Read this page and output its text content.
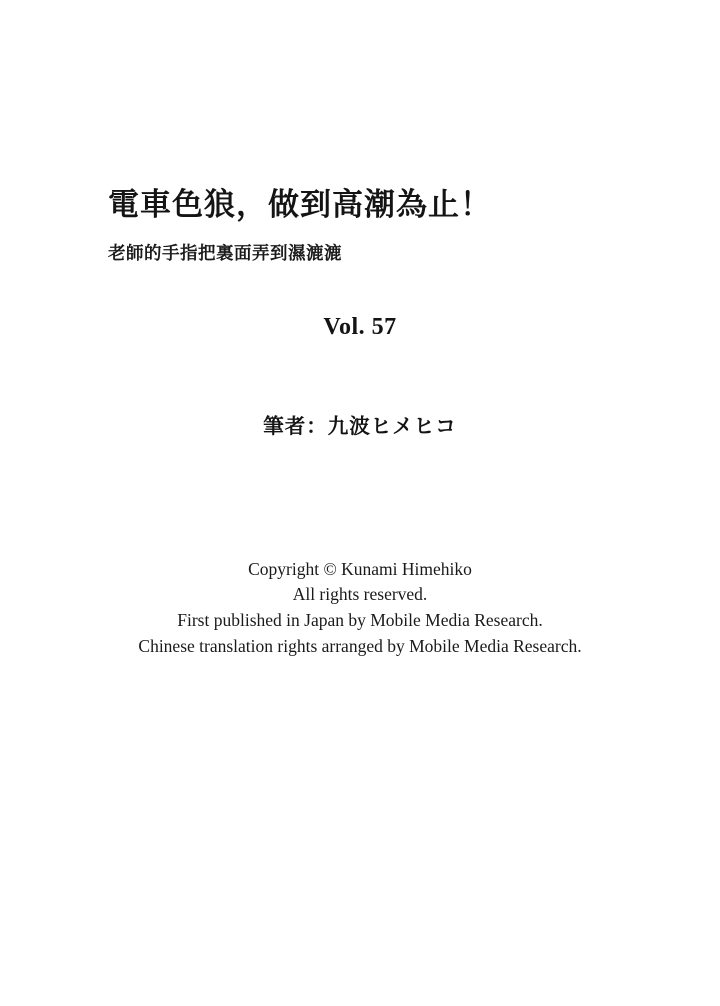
電車色狼，做到高潮為止！
老師的手指把裏面弄到濕漉漉
Vol. 57
筆者：九波ヒメヒコ
Copyright © Kunami Himehiko
All rights reserved.
First published in Japan by Mobile Media Research.
Chinese translation rights arranged by Mobile Media Research.
